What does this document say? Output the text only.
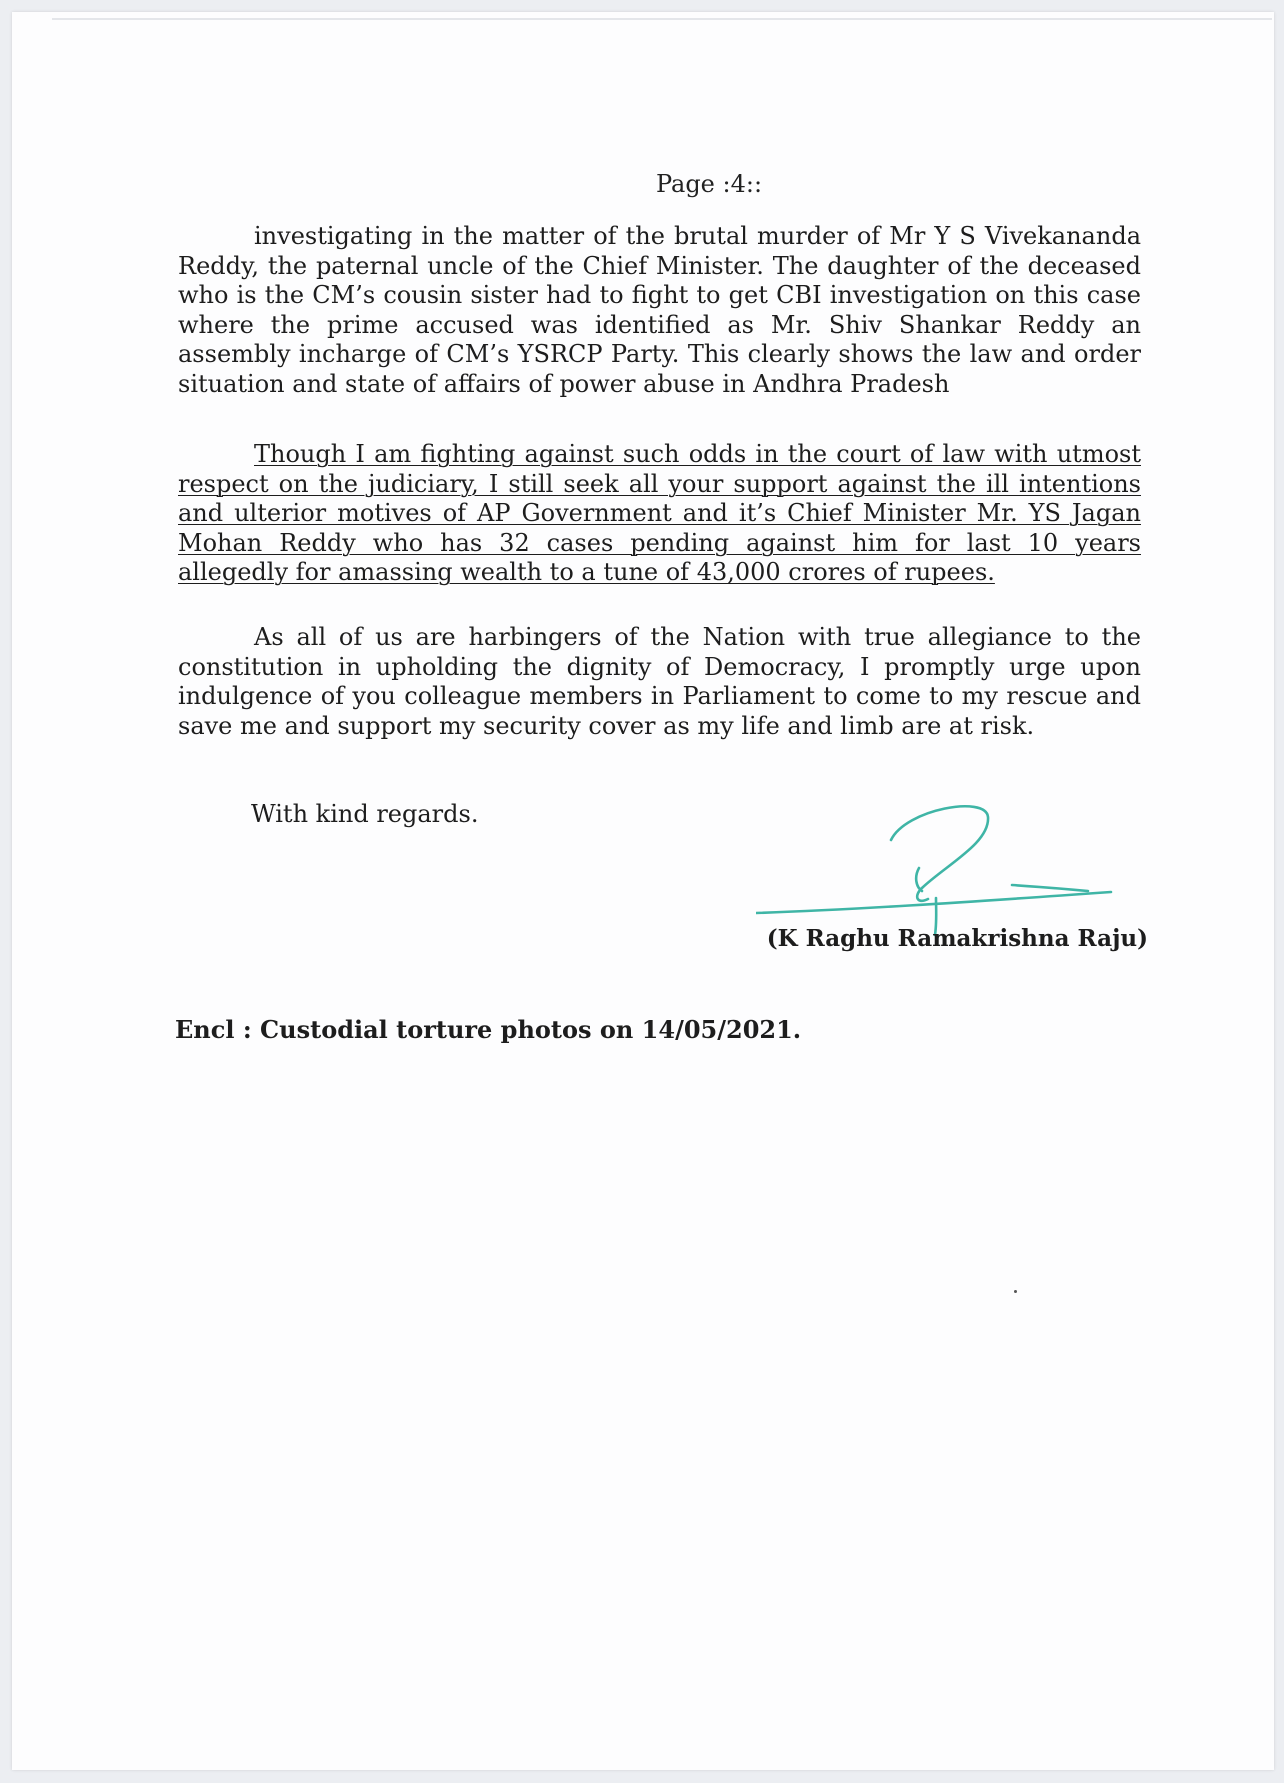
Page :4::

investigating in the matter of the brutal murder of Mr Y S Vivekananda Reddy, the paternal uncle of the Chief Minister. The daughter of the deceased who is the CM’s cousin sister had to fight to get CBI investigation on this case where the prime accused was identified as Mr. Shiv Shankar Reddy an assembly incharge of CM’s YSRCP Party. This clearly shows the law and order situation and state of affairs of power abuse in Andhra Pradesh

Though I am fighting against such odds in the court of law with utmost respect on the judiciary, I still seek all your support against the ill intentions and ulterior motives of AP Government and it’s Chief Minister Mr. YS Jagan Mohan Reddy who has 32 cases pending against him for last 10 years allegedly for amassing wealth to a tune of 43,000 crores of rupees.

As all of us are harbingers of the Nation with true allegiance to the constitution in upholding the dignity of Democracy, I promptly urge upon indulgence of you colleague members in Parliament to come to my rescue and save me and support my security cover as my life and limb are at risk.

With kind regards.
(K Raghu Ramakrishna Raju)
Encl : Custodial torture photos on 14/05/2021.
